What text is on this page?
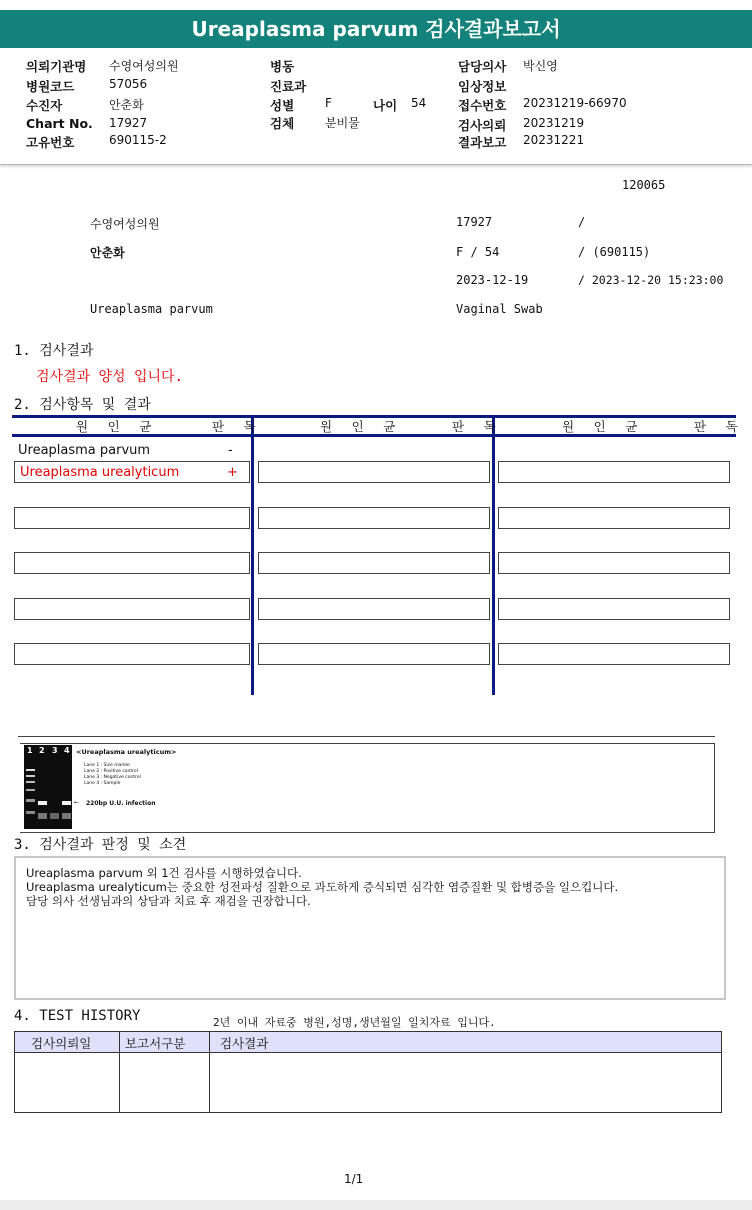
Ureaplasma parvum 검사결과보고서
의뢰기관명 수영여성의원
병원코드	57056
수진자	안춘화
Chart No. 17927
고유번호	690115-2
병동
진료과
성별	F	나이 54
검체	분비물
담당의사 박신영
임상정보
접수번호 20231219-66970
검사의뢰 20231219
결과보고 20231221
120065
수영여성의원	17927	/
안춘화	F / 54	/ (690115)
2023-12-19	/ 2023-12-20 15:23:00
Ureaplasma parvum	Vaginal Swab
1. 검사결과
검사결과 양성 입니다.
2. 검사항목 및 결과
원 인 균	판 독	원 인 균	판 독	원 인 균	판 독
Ureaplasma parvum	-
Ureaplasma urealyticum	+
1 2 3 4 <Ureaplasma urealyticum>
Lane 1 : Size marker
Lane 2 : Positive control
Lane 3 : Negative control
Lane 4 : Sample
← 220bp U.U. infection
3. 검사결과 판정 및 소견
Ureaplasma parvum 외 1건 검사를 시행하였습니다.
Ureaplasma urealyticum는 중요한 성전파성 질환으로 과도하게 증식되면 심각한 염증질환 및 합병증을 일으킵니다.
담당 의사 선생님과의 상담과 치료 후 재검을 권장합니다.
4. TEST HISTORY	2년 이내 자료중 병원,성명,생년월일 일치자료 입니다.
검사의뢰일	보고서구분	검사결과
1/1
